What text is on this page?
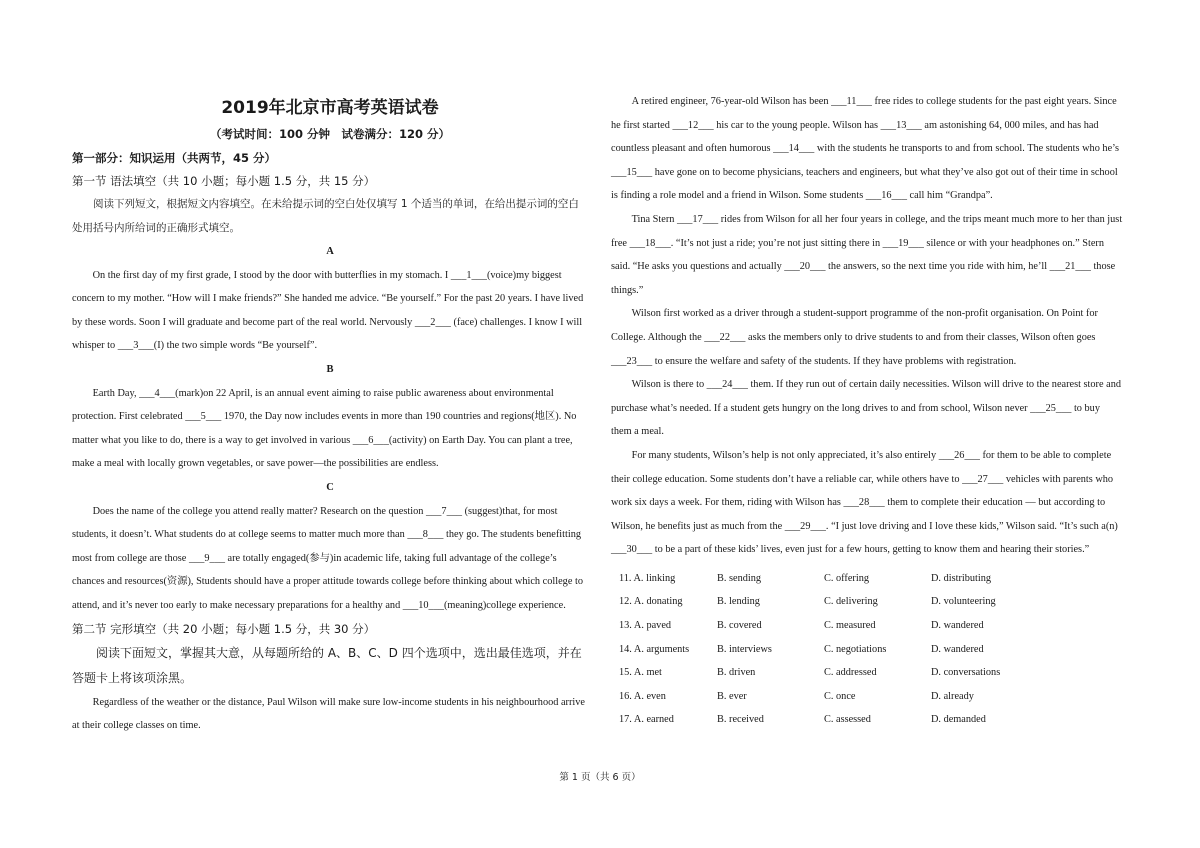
2019年北京市高考英语试卷
（考试时间：100 分钟　试卷满分：120 分）
第一部分：知识运用（共两节，45 分）
第一节 语法填空（共 10 小题；每小题 1.5 分，共 15 分）

阅读下列短文，根据短文内容填空。在未给提示词的空白处仅填写 1 个适当的单词，在给出提示词的空白处用括号内所给词的正确形式填空。

A

On the first day of my first grade, I stood by the door with butterflies in my stomach. I ___1___(voice)my biggest concern to my mother. “How will I make friends?” She handed me advice. “Be yourself.” For the past 20 years. I have lived by these words. Soon I will graduate and become part of the real world. Nervously ___2___ (face) challenges. I know I will whisper to ___3___(I) the two simple words “Be yourself”.

B

Earth Day, ___4___(mark)on 22 April, is an annual event aiming to raise public awareness about environmental protection. First celebrated ___5___ 1970, the Day now includes events in more than 190 countries and regions(地区). No matter what you like to do, there is a way to get involved in various ___6___(activity) on Earth Day. You can plant a tree, make a meal with locally grown vegetables, or save power—the possibilities are endless.

C

Does the name of the college you attend really matter? Research on the question ___7___ (suggest)that, for most students, it doesn’t. What students do at college seems to matter much more than ___8___ they go. The students benefitting most from college are those ___9___ are totally engaged(参与)in academic life, taking full advantage of the college’s chances and resources(资源), Students should have a proper attitude towards college before thinking about which college to attend, and it’s never too early to make necessary preparations for a healthy and ___10___(meaning)college experience.

第二节 完形填空（共 20 小题；每小题 1.5 分，共 30 分）

阅读下面短文，掌握其大意，从每题所给的 A、B、C、D 四个选项中，选出最佳选项，并在答题卡上将该项涂黑。

Regardless of the weather or the distance, Paul Wilson will make sure low-income students in his neighbourhood arrive at their college classes on time.

A retired engineer, 76-year-old Wilson has been ___11___ free rides to college students for the past eight years. Since he first started ___12___ his car to the young people. Wilson has ___13___ am astonishing 64, 000 miles, and has had countless pleasant and often humorous ___14___ with the students he transports to and from school. The students who he’s ___15___ have gone on to become physicians, teachers and engineers, but what they’ve also got out of their time in school is finding a role model and a friend in Wilson. Some students ___16___ call him “Grandpa”.

Tina Stern ___17___ rides from Wilson for all her four years in college, and the trips meant much more to her than just free ___18___. “It’s not just a ride; you’re not just sitting there in ___19___ silence or with your headphones on.” Stern said. “He asks you questions and actually ___20___ the answers, so the next time you ride with him, he’ll ___21___ those things.”

Wilson first worked as a driver through a student-support programme of the non-profit organisation. On Point for College. Although the ___22___ asks the members only to drive students to and from their classes, Wilson often goes ___23___ to ensure the welfare and safety of the students. If they have problems with registration.

Wilson is there to ___24___ them. If they run out of certain daily necessities. Wilson will drive to the nearest store and purchase what’s needed. If a student gets hungry on the long drives to and from school, Wilson never ___25___ to buy them a meal.

For many students, Wilson’s help is not only appreciated, it’s also entirely ___26___ for them to be able to complete their college education. Some students don’t have a reliable car, while others have to ___27___ vehicles with parents who work six days a week. For them, riding with Wilson has ___28___ them to complete their education — but according to Wilson, he benefits just as much from the ___29___. “I just love driving and I love these kids,” Wilson said. “It’s such a(n) ___30___ to be a part of these kids’ lives, even just for a few hours, getting to know them and hearing their stories.”

11. A. linking	B. sending	C. offering	D. distributing
12. A. donating	B. lending	C. delivering	D. volunteering
13. A. paved	B. covered	C. measured	D. wandered
14. A. arguments	B. interviews	C. negotiations	D. wandered
15. A. met	B. driven	C. addressed	D. conversations
16. A. even	B. ever	C. once	D. already
17. A. earned	B. received	C. assessed	D. demanded
第 1 页（共 6 页）
